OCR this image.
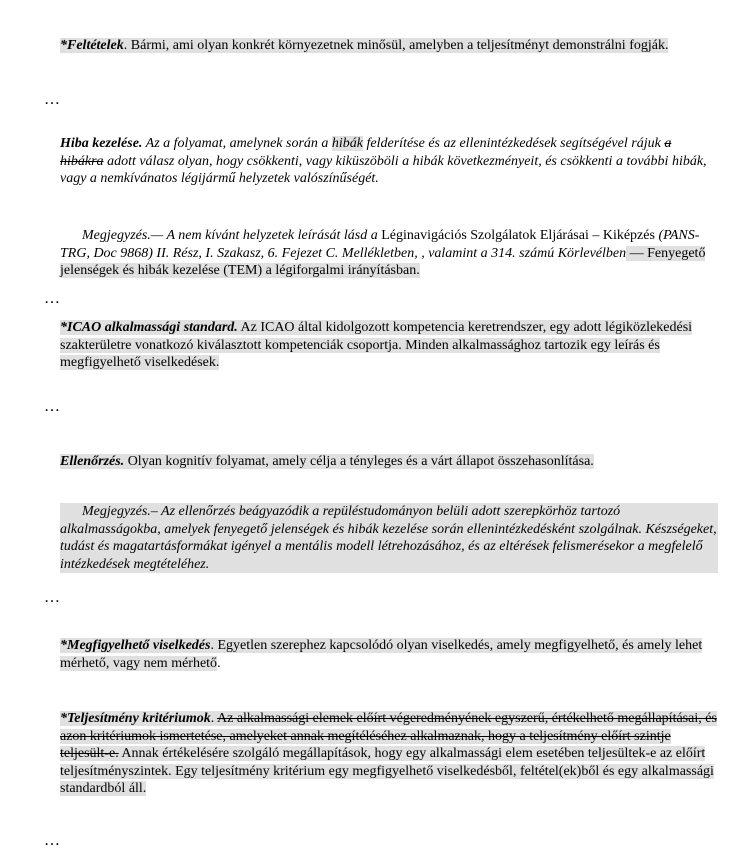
*Feltételek. Bármi, ami olyan konkrét környezetnek minősül, amelyben a teljesítményt demonstrálni fogják.
…
Hiba kezelése. Az a folyamat, amelynek során a hibák felderítése és az ellenintézkedések segítségével rájuk a hibákra adott válasz olyan, hogy csökkenti, vagy kiküszöböli a hibák következményeit, és csökkenti a további hibák, vagy a nemkívánatos légijármű helyzetek valószínűségét.
Megjegyzés.— A nem kívánt helyzetek leírását lásd a Léginavigációs Szolgálatok Eljárásai – Kiképzés (PANS-TRG, Doc 9868) II. Rész, I. Szakasz, 6. Fejezet C. Mellékletben, , valamint a 314. számú Körlevélben — Fenyegető jelenségek és hibák kezelése (TEM) a légiforgalmi irányításban.
…
*ICAO alkalmassági standard. Az ICAO által kidolgozott kompetencia keretrendszer, egy adott légiközlekedési szakterületre vonatkozó kiválasztott kompetenciák csoportja. Minden alkalmassághoz tartozik egy leírás és megfigyelhető viselkedések.
…
Ellenőrzés. Olyan kognitív folyamat, amely célja a tényleges és a várt állapot összehasonlítása.
Megjegyzés.– Az ellenőrzés beágyazódik a repüléstudományon belüli adott szerepkörhöz tartozó alkalmasságokba, amelyek fenyegető jelenségek és hibák kezelése során ellenintézkedésként szolgálnak. Készségeket, tudást és magatartásformákat igényel a mentális modell létrehozásához, és az eltérések felismerésekor a megfelelő intézkedések megtételéhez.
…
*Megfigyelhető viselkedés. Egyetlen szerephez kapcsolódó olyan viselkedés, amely megfigyelhető, és amely lehet mérhető, vagy nem mérhető.
*Teljesítmény kritériumok. Az alkalmassági elemek előírt végeredményének egyszerű, értékelhető megállapításai, és azon kritériumok ismertetése, amelyeket annak megítéléséhez alkalmaznak, hogy a teljesítmény előírt szintje teljesült-e. Annak értékelésére szolgáló megállapítások, hogy egy alkalmassági elem esetében teljesültek-e az előírt teljesítményszintek. Egy teljesítmény kritérium egy megfigyelhető viselkedésből, feltétel(ek)ből és egy alkalmassági standardból áll.
…
